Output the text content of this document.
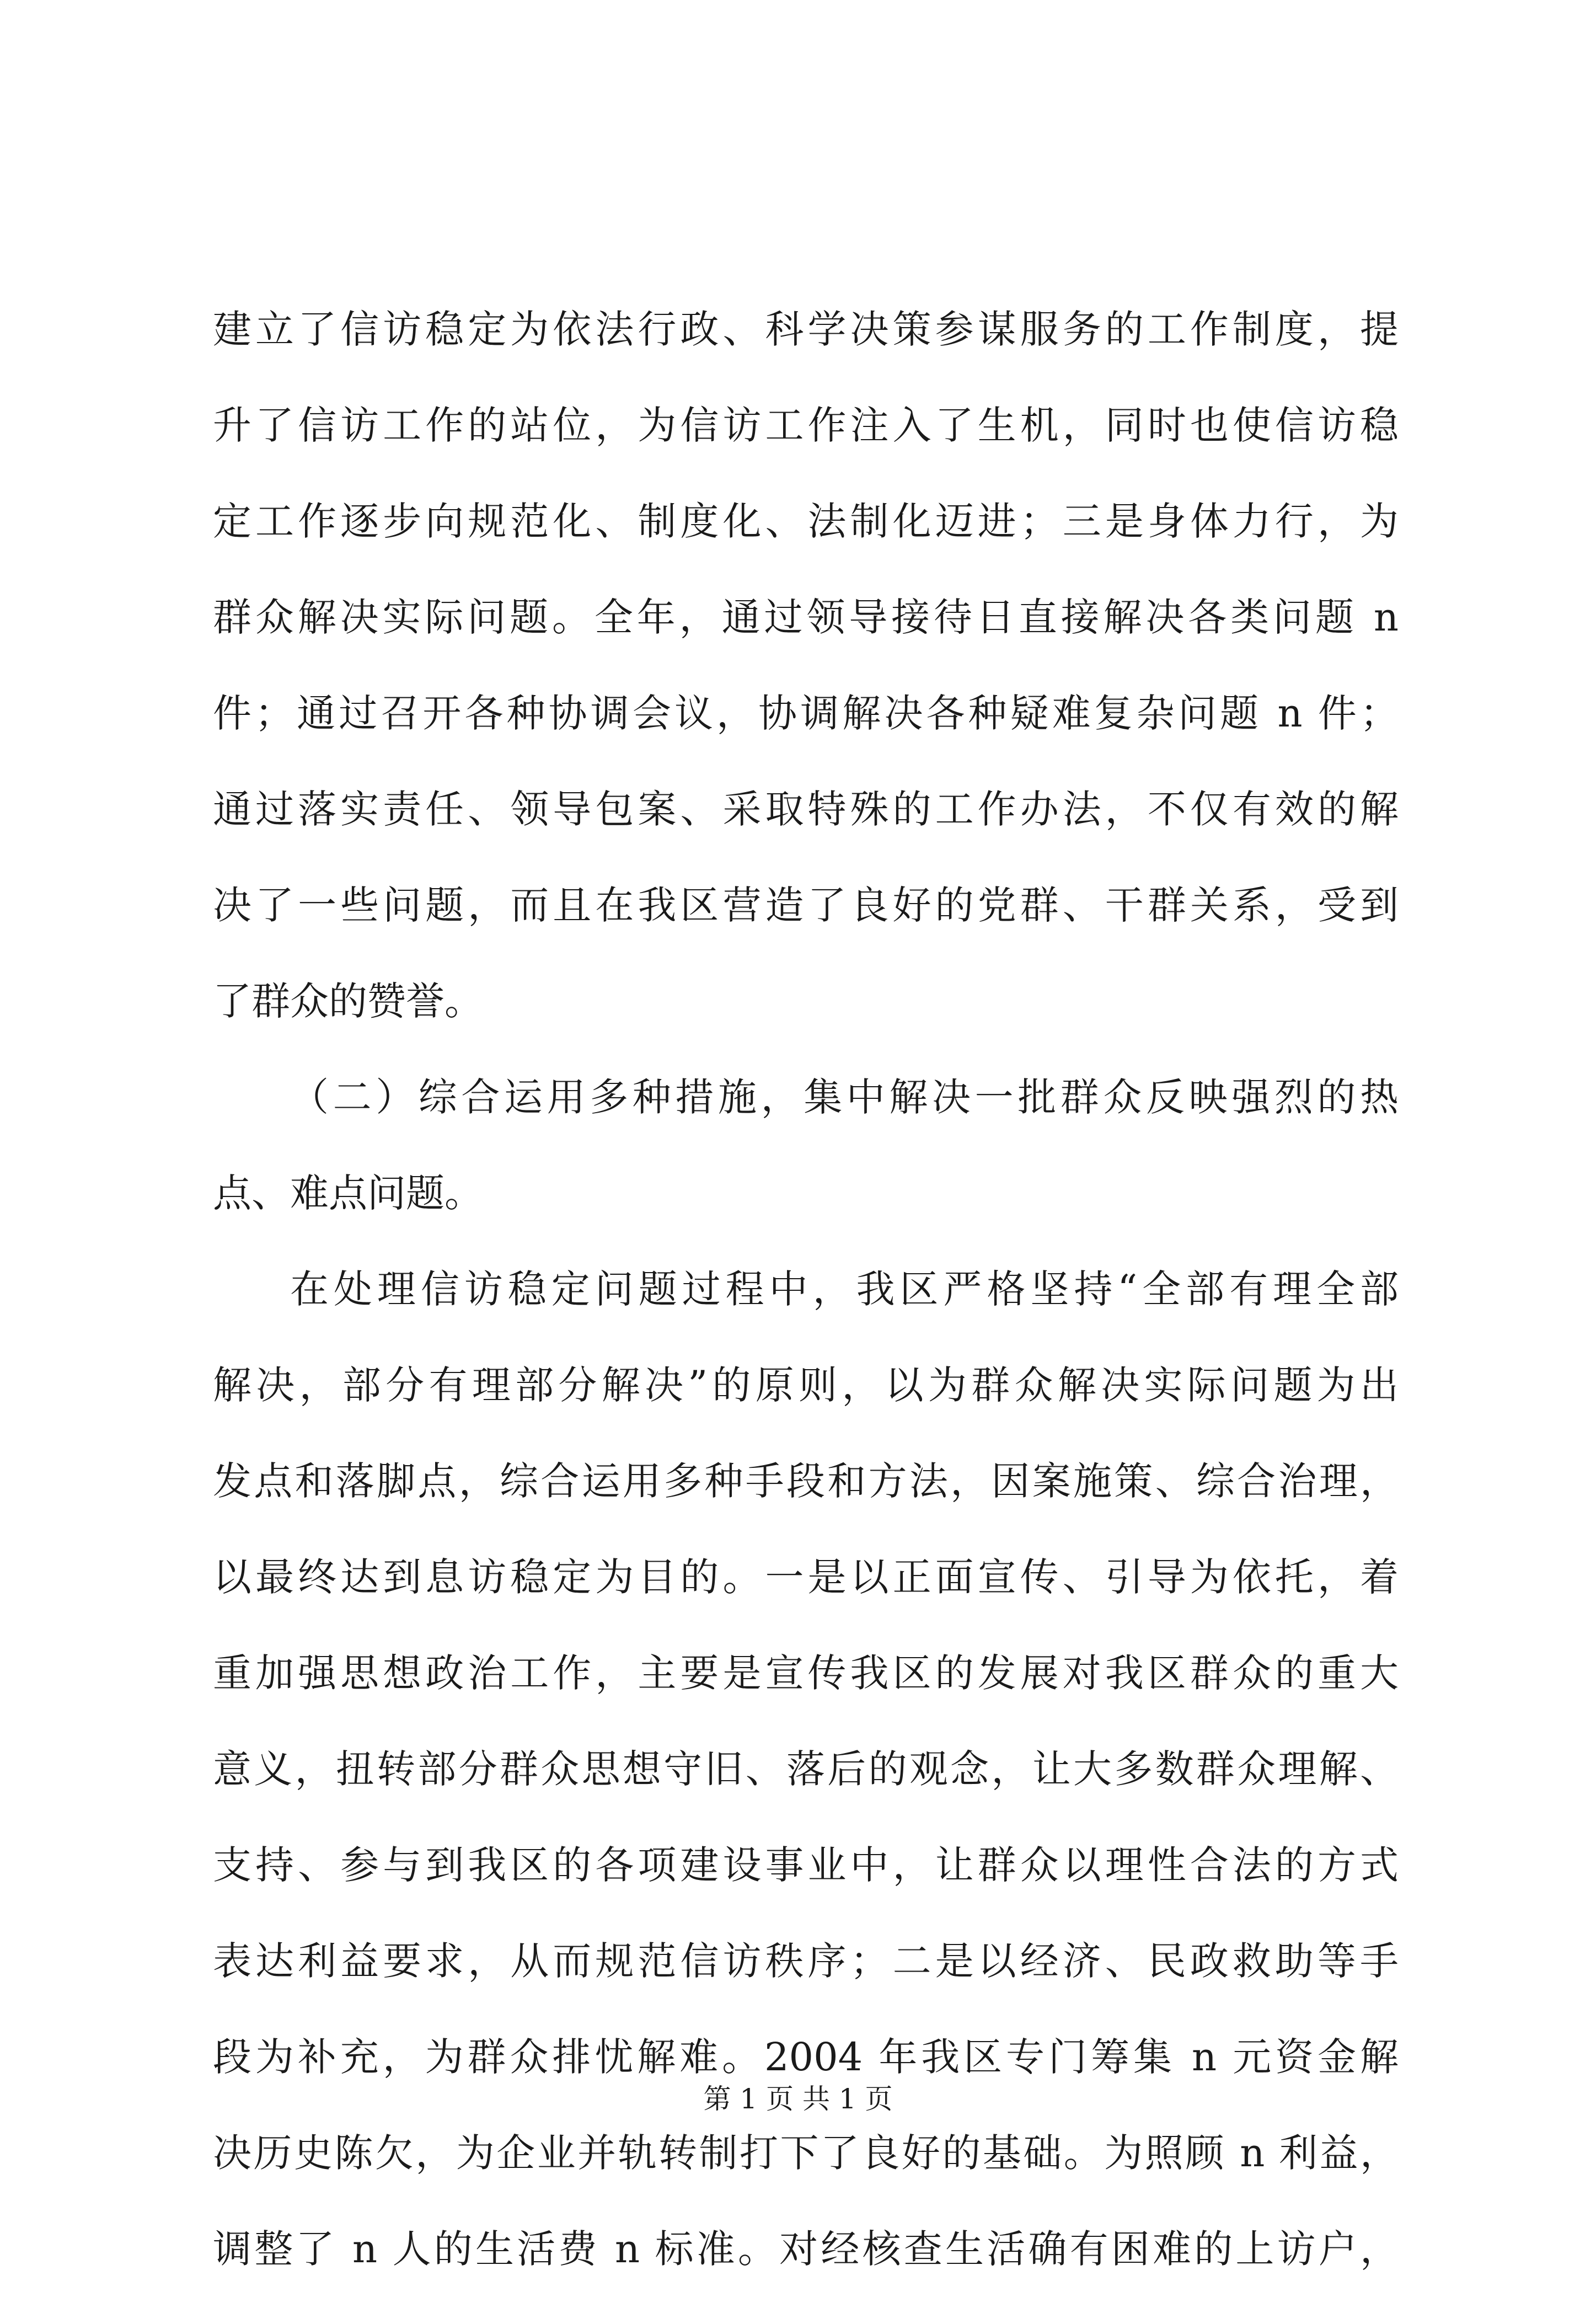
建立了信访稳定为依法行政、科学决策参谋服务的工作制度，提
升了信访工作的站位，为信访工作注入了生机，同时也使信访稳
定工作逐步向规范化、制度化、法制化迈进；三是身体力行，为
群众解决实际问题。全年，通过领导接待日直接解决各类问题 n
件；通过召开各种协调会议，协调解决各种疑难复杂问题 n 件；
通过落实责任、领导包案、采取特殊的工作办法，不仅有效的解
决了一些问题，而且在我区营造了良好的党群、干群关系，受到
了群众的赞誉。
（二）综合运用多种措施，集中解决一批群众反映强烈的热
点、难点问题。
在处理信访稳定问题过程中，我区严格坚持“全部有理全部
解决，部分有理部分解决”的原则，以为群众解决实际问题为出
发点和落脚点，综合运用多种手段和方法，因案施策、综合治理，
以最终达到息访稳定为目的。一是以正面宣传、引导为依托，着
重加强思想政治工作，主要是宣传我区的发展对我区群众的重大
意义，扭转部分群众思想守旧、落后的观念，让大多数群众理解、
支持、参与到我区的各项建设事业中，让群众以理性合法的方式
表达利益要求，从而规范信访秩序；二是以经济、民政救助等手
段为补充，为群众排忧解难。2004 年我区专门筹集 n 元资金解
决历史陈欠，为企业并轨转制打下了良好的基础。为照顾 n 利益，
调整了 n 人的生活费 n 标准。对经核查生活确有困难的上访户，
第 1 页 共 1 页
